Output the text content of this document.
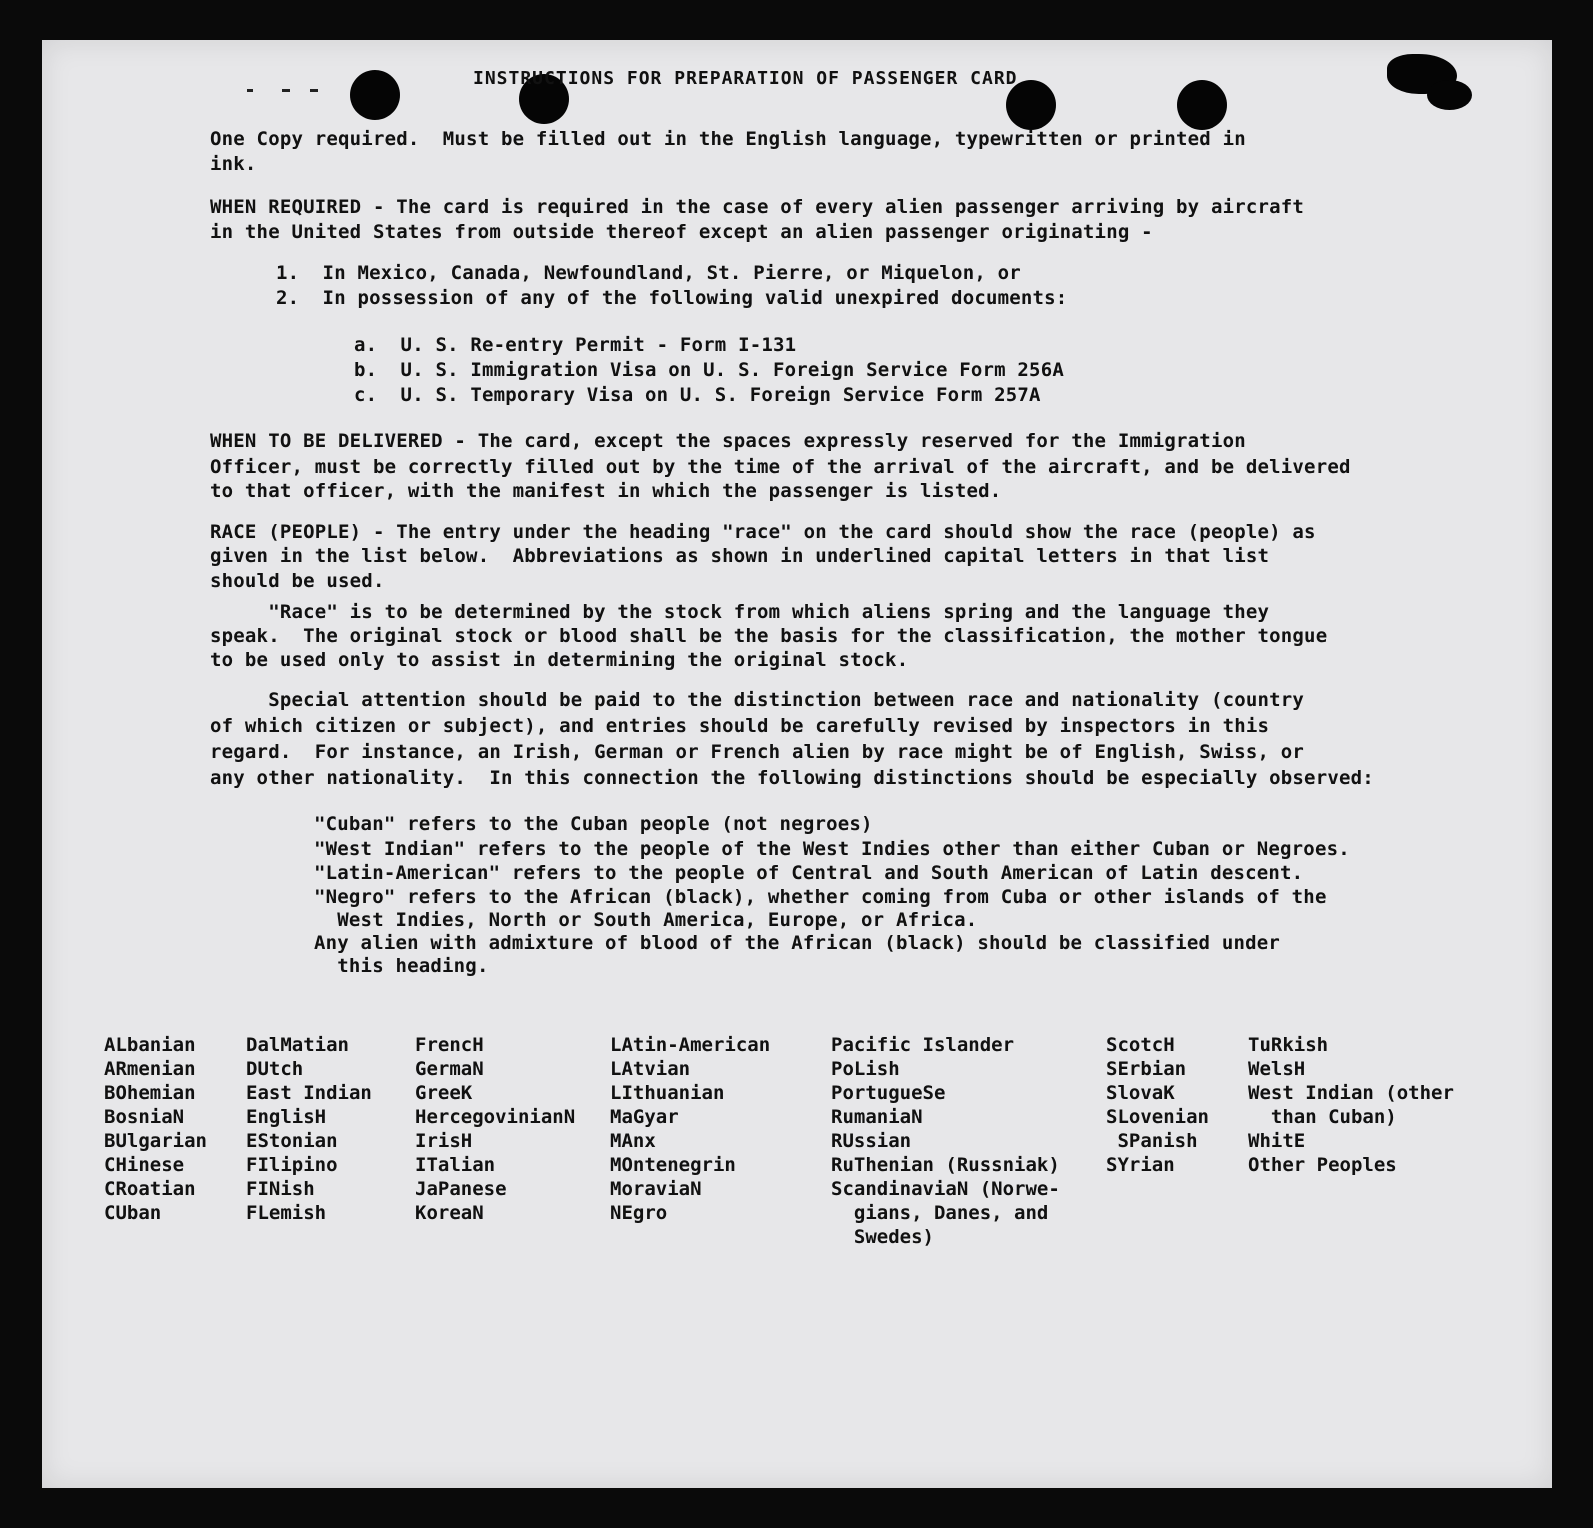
INSTRUCTIONS FOR PREPARATION OF PASSENGER CARD
One Copy required.  Must be filled out in the English language, typewritten or printed in
ink.
WHEN REQUIRED - The card is required in the case of every alien passenger arriving by aircraft
in the United States from outside thereof except an alien passenger originating -
1.  In Mexico, Canada, Newfoundland, St. Pierre, or Miquelon, or
2.  In possession of any of the following valid unexpired documents:
a.  U. S. Re-entry Permit - Form I-131
b.  U. S. Immigration Visa on U. S. Foreign Service Form 256A
c.  U. S. Temporary Visa on U. S. Foreign Service Form 257A
WHEN TO BE DELIVERED - The card, except the spaces expressly reserved for the Immigration
Officer, must be correctly filled out by the time of the arrival of the aircraft, and be delivered
to that officer, with the manifest in which the passenger is listed.
RACE (PEOPLE) - The entry under the heading "race" on the card should show the race (people) as
given in the list below.  Abbreviations as shown in underlined capital letters in that list
should be used.
"Race" is to be determined by the stock from which aliens spring and the language they
speak.  The original stock or blood shall be the basis for the classification, the mother tongue
to be used only to assist in determining the original stock.
Special attention should be paid to the distinction between race and nationality (country
of which citizen or subject), and entries should be carefully revised by inspectors in this
regard.  For instance, an Irish, German or French alien by race might be of English, Swiss, or
any other nationality.  In this connection the following distinctions should be especially observed:
"Cuban" refers to the Cuban people (not negroes)
"West Indian" refers to the people of the West Indies other than either Cuban or Negroes.
"Latin-American" refers to the people of Central and South American of Latin descent.
"Negro" refers to the African (black), whether coming from Cuba or other islands of the
West Indies, North or South America, Europe, or Africa.
Any alien with admixture of blood of the African (black) should be classified under
this heading.
ALbanian
ARmenian
BOhemian
BosniaN
BUlgarian
CHinese
CRoatian
CUban
DalMatian
DUtch
East Indian
EnglisH
EStonian
FIlipino
FINish
FLemish
FrencH
GermaN
GreeK
HercegovinianN
IrisH
ITalian
JaPanese
KoreaN
LAtin-American
LAtvian
LIthuanian
MaGyar
MAnx
MOntenegrin
MoraviaN
NEgro
Pacific Islander
PoLish
PortugueSe
RumaniaN
RUssian
RuThenian (Russniak)
ScandinaviaN (Norwe-
gians, Danes, and
Swedes)
ScotcH
SErbian
SlovaK
SLovenian
SPanish
SYrian
TuRkish
WelsH
West Indian (other
than Cuban)
WhitE
Other Peoples
